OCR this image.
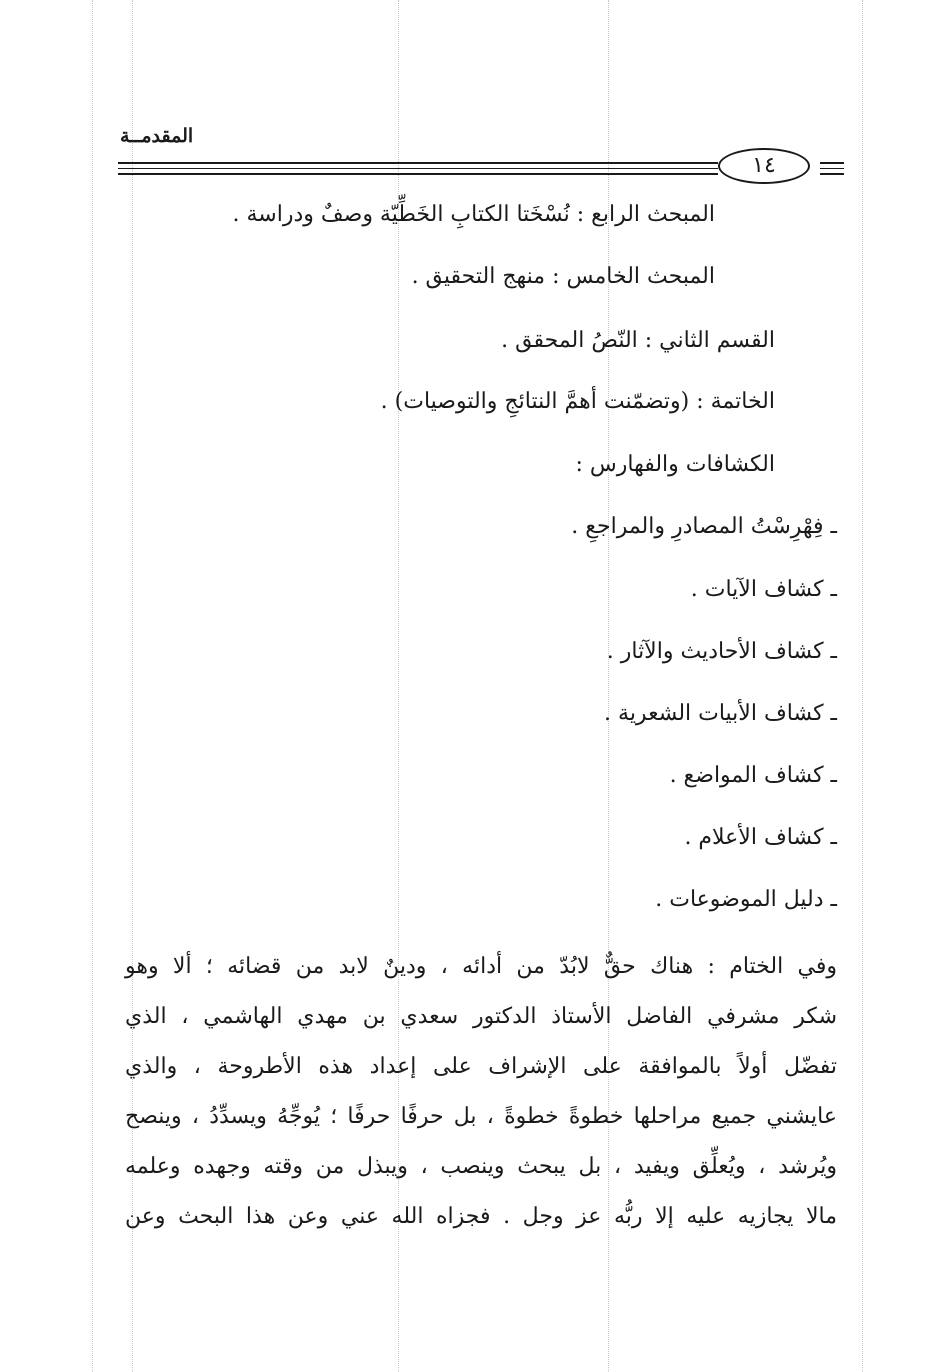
المقدمــة
١٤
المبحث الرابع : نُسْخَتا الكتابِ الخَطِّيّة وصفٌ ودراسة .
المبحث الخامس : منهج التحقيق .
القسم الثاني : النّصُ المحقق .
الخاتمة : (وتضمّنت أهمَّ النتائجِ والتوصيات) .
الكشافات والفهارس :
ـ فِهْرِسْتُ المصادرِ والمراجعِ .
ـ كشاف الآيات .
ـ كشاف الأحاديث والآثار .
ـ كشاف الأبيات الشعرية .
ـ كشاف المواضع .
ـ كشاف الأعلام .
ـ دليل الموضوعات .
وفي الختام : هناك حقٌّ لابُدّ من أدائه ، ودينٌ لابد من قضائه ؛ ألا وهو
شكر مشرفي الفاضل الأستاذ الدكتور سعدي بن مهدي الهاشمي ، الذي
تفضّل أولاً بالموافقة على الإشراف على إعداد هذه الأطروحة ، والذي
عايشني جميع مراحلها خطوةً خطوةً ، بل حرفًا حرفًا ؛ يُوجِّهُ ويسدِّدُ ، وينصح
ويُرشد ، ويُعلِّق ويفيد ، بل يبحث وينصب ، ويبذل من وقته وجهده وعلمه
مالا يجازيه عليه إلا ربُّه عز وجل . فجزاه الله عني وعن هذا البحث وعن
